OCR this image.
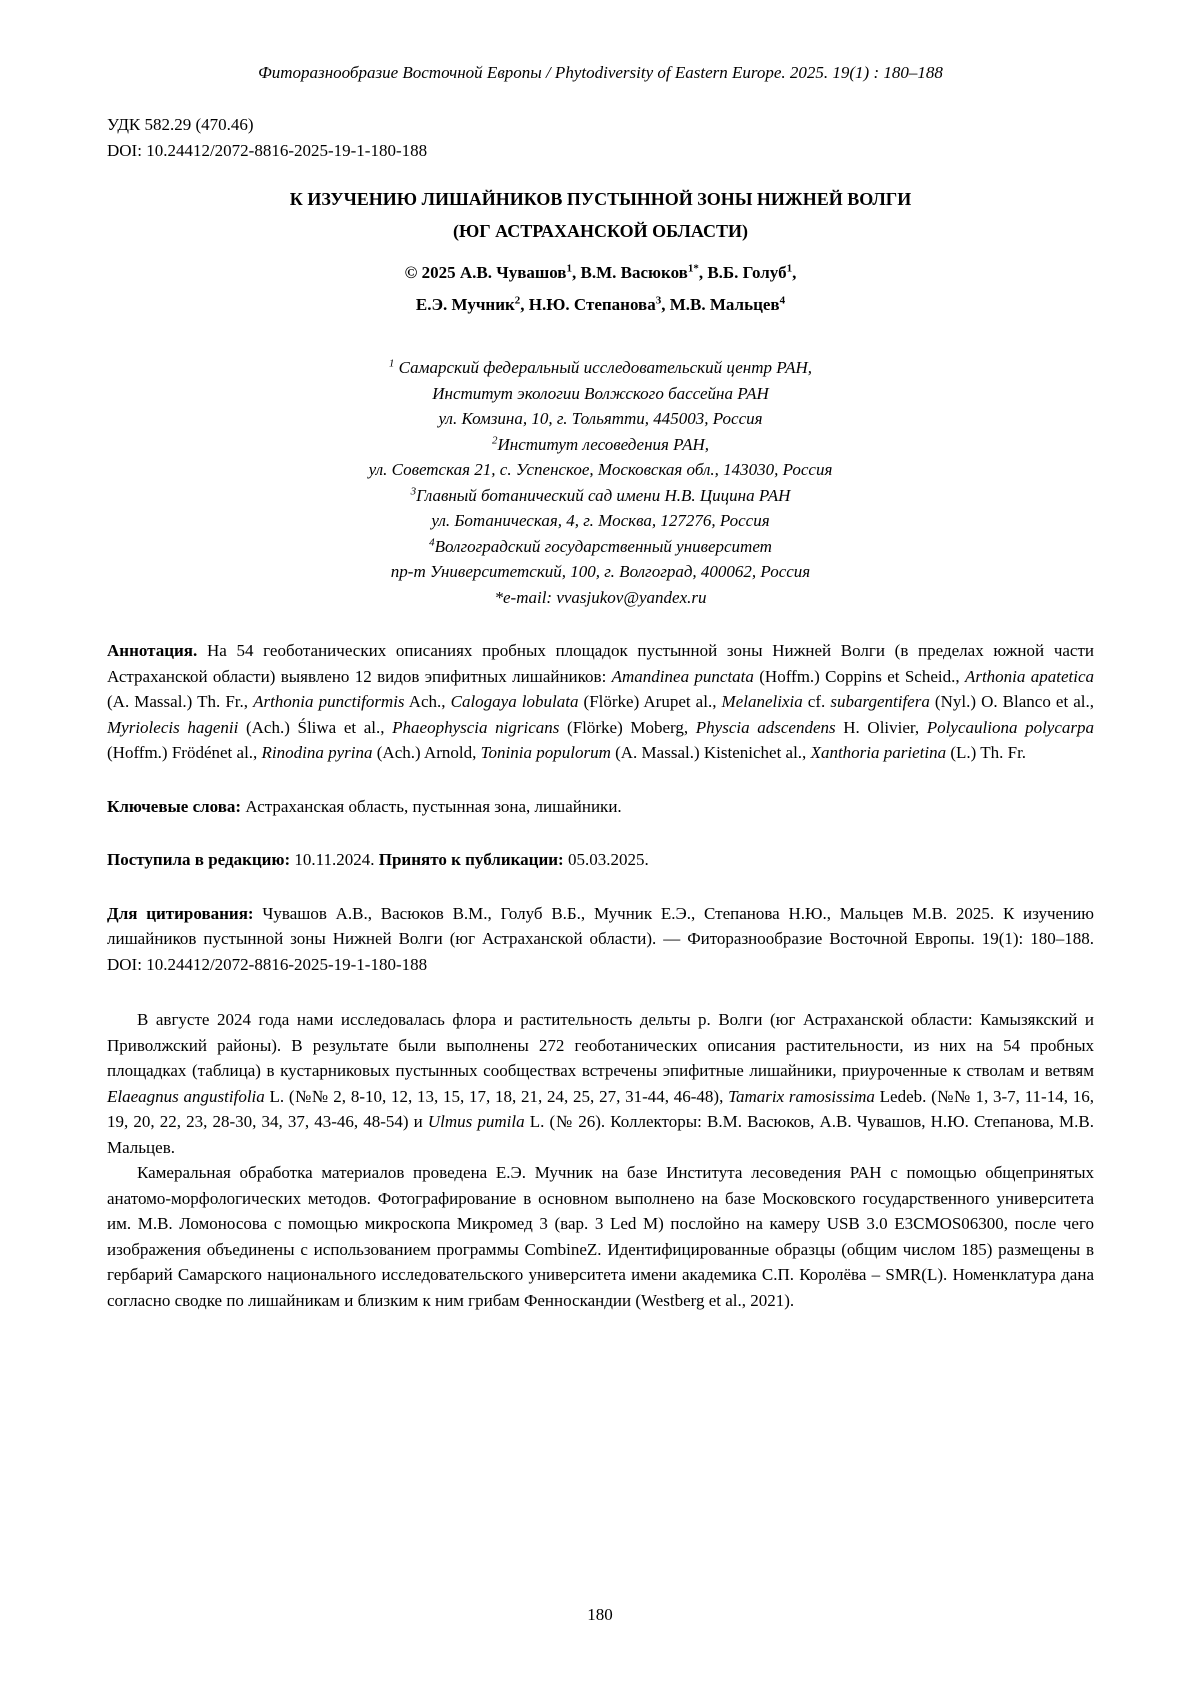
Фиторазнообразие Восточной Европы / Phytodiversity of Eastern Europe. 2025. 19(1) : 180–188
УДК 582.29 (470.46)
DOI: 10.24412/2072-8816-2025-19-1-180-188
К ИЗУЧЕНИЮ ЛИШАЙНИКОВ ПУСТЫННОЙ ЗОНЫ НИЖНЕЙ ВОЛГИ
(ЮГ АСТРАХАНСКОЙ ОБЛАСТИ)
© 2025 А.В. Чувашов$^1$, В.М. Васюков$^{1*}$, В.Б. Голуб$^1$,
Е.Э. Мучник$^2$, Н.Ю. Степанова$^3$, М.В. Мальцев$^4$
$^1$ Самарский федеральный исследовательский центр РАН,
Институт экологии Волжского бассейна РАН
ул. Комзина, 10, г. Тольятти, 445003, Россия
$^2$Институт лесоведения РАН,
ул. Советская 21, с. Успенское, Московская обл., 143030, Россия
$^3$Главный ботанический сад имени Н.В. Цицина РАН
ул. Ботаническая, 4, г. Москва, 127276, Россия
$^4$Волгоградский государственный университет
пр-т Университетский, 100, г. Волгоград, 400062, Россия
*e-mail: vvasjukov@yandex.ru
Аннотация. На 54 геоботанических описаниях пробных площадок пустынной зоны Нижней Волги (в пределах южной части Астраханской области) выявлено 12 видов эпифитных лишайников: Amandinea punctata (Hoffm.) Coppins et Scheid., Arthonia apatetica (A. Massal.) Th. Fr., Arthonia punctiformis Ach., Calogaya lobulata (Flörke) Arupet al., Melanelixia cf. subargentifera (Nyl.) O. Blanco et al., Myriolecis hagenii (Ach.) Śliwa et al., Phaeophyscia nigricans (Flörke) Moberg, Physcia adscendens H. Olivier, Polycauliona polycarpa (Hoffm.) Frödénet al., Rinodina pyrina (Ach.) Arnold, Toninia populorum (A. Massal.) Kistenichet al., Xanthoria parietina (L.) Th. Fr.
Ключевые слова: Астраханская область, пустынная зона, лишайники.
Поступила в редакцию: 10.11.2024. Принято к публикации: 05.03.2025.
Для цитирования: Чувашов А.В., Васюков В.М., Голуб В.Б., Мучник Е.Э., Степанова Н.Ю., Мальцев М.В. 2025. К изучению лишайников пустынной зоны Нижней Волги (юг Астраханской области). — Фиторазнообразие Восточной Европы. 19(1): 180–188. DOI: 10.24412/2072-8816-2025-19-1-180-188

В августе 2024 года нами исследовалась флора и растительность дельты р. Волги (юг Астраханской области: Камызякский и Приволжский районы). В результате были выполнены 272 геоботанических описания растительности, из них на 54 пробных площадках (таблица) в кустарниковых пустынных сообществах встречены эпифитные лишайники, приуроченные к стволам и ветвям Elaeagnus angustifolia L. (№№ 2, 8-10, 12, 13, 15, 17, 18, 21, 24, 25, 27, 31-44, 46-48), Tamarix ramosissima Ledeb. (№№ 1, 3-7, 11-14, 16, 19, 20, 22, 23, 28-30, 34, 37, 43-46, 48-54) и Ulmus pumila L. (№ 26). Коллекторы: В.М. Васюков, А.В. Чувашов, Н.Ю. Степанова, М.В. Мальцев.

Камеральная обработка материалов проведена Е.Э. Мучник на базе Института лесоведения РАН с помощью общепринятых анатомо-морфологических методов. Фотографирование в основном выполнено на базе Московского государственного университета им. М.В. Ломоносова с помощью микроскопа Микромед 3 (вар. 3 Led M) послойно на камеру USB 3.0 E3CMOS06300, после чего изображения объединены с использованием программы CombineZ. Идентифицированные образцы (общим числом 185) размещены в гербарий Самарского национального исследовательского университета имени академика С.П. Королёва – SMR(L). Номенклатура дана согласно сводке по лишайникам и близким к ним грибам Фенноскандии (Westberg et al., 2021).

180
